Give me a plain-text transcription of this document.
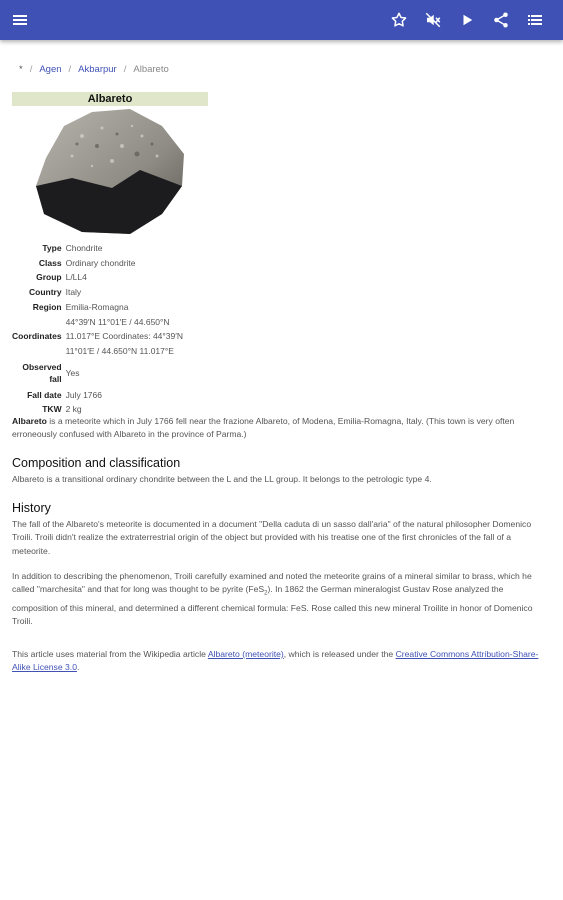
* / Agen / Akbarpur / Albareto
Albareto
Type	Chondrite
Class	Ordinary chondrite
Group	L/LL4
Country	Italy
Region	Emilia-Romagna
Coordinates	44°39′N 11°01′E / 44.650°N
11.017°E Coordinates: 44°39′N
11°01′E / 44.650°N 11.017°E

Observed fall	Yes
Fall date	July 1766
TKW	2 kg
Albareto is a meteorite which in July 1766 fell near the frazione Albareto, of Modena, Emilia-Romagna, Italy. (This town is very often erroneously confused with Albareto in the province of Parma.)
Composition and classification
Albareto is a transitional ordinary chondrite between the L and the LL group. It belongs to the petrologic type 4.
History
The fall of the Albareto's meteorite is documented in a document "Della caduta di un sasso dall'aria" of the natural philosopher Domenico Troili. Troili didn't realize the extraterrestrial origin of the object but provided with his treatise one of the first chronicles of the fall of a meteorite.
In addition to describing the phenomenon, Troili carefully examined and noted the meteorite grains of a mineral similar to brass, which he called "marchesita" and that for long was thought to be pyrite (FeS$_2$). In 1862 the German mineralogist Gustav Rose analyzed the composition of this mineral, and determined a different chemical formula: FeS. Rose called this new mineral Troilite in honor of Domenico Troili.
This article uses material from the Wikipedia article Albareto (meteorite), which is released under the Creative Commons Attribution-Share-Alike License 3.0.
